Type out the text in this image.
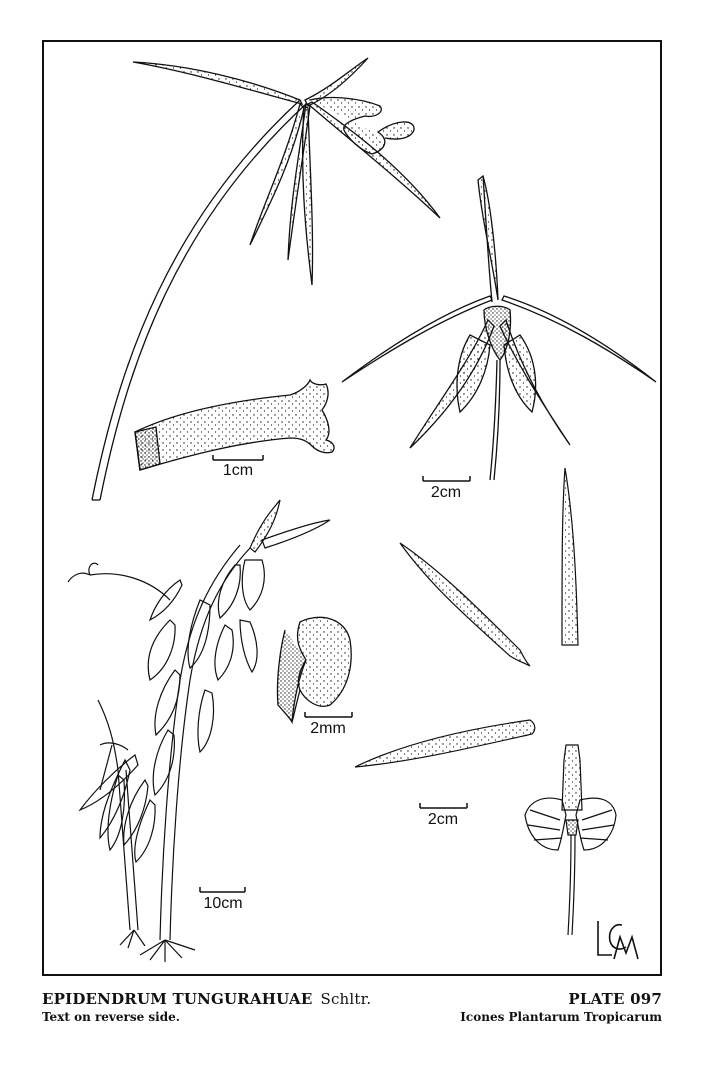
1cm
2cm
2mm
2cm
10cm
EPIDENDRUM TUNGURAHUAE Schltr.	PLATE 097
Text on reverse side.	Icones Plantarum Tropicarum
